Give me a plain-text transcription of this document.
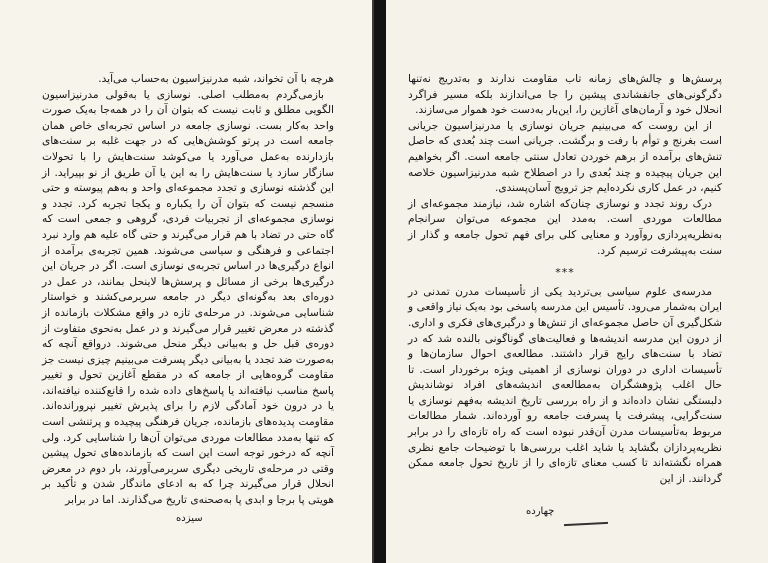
هرچه با آن تخواند، شبه مدرنیزاسیون به‌حساب می‌آید.

بازمی‌گردم به‌مطلب اصلی. نوسازی یا به‌قولی مدرنیزاسیون الگویی مطلق و ثابت نیست که بتوان آن را در همه‌جا به‌یک صورت واحد به‌کار بست. نوسازی جامعه در اساس تجربه‌ای خاص همان جامعه است در پرتو کوشش‌هایی که در جهت غلبه بر سنت‌های بازدارنده به‌عمل می‌آورد یا می‌کوشد سنت‌هایش را با تحولات سازگار سازد یا سنت‌هایش را به این یا آن طریق از نو بپیراید. از این گذشته نوسازی و تجدد مجموعه‌ای واحد و به‌هم پیوسته و حتی منسجم نیست که بتوان آن را یکباره و یکجا تجربه کرد. تجدد و نوسازی مجموعه‌ای از تجربیات فردی، گروهی و جمعی است که گاه حتی در تضاد با هم قرار می‌گیرند و حتی گاه علیه هم وارد نبرد اجتماعی و فرهنگی و سیاسی می‌شوند. همین تجربه‌ی برآمده از انواع درگیری‌ها در اساس تجربه‌ی نوسازی است. اگر در جریان این درگیری‌ها برخی از مسائل و پرسش‌ها لاینحل بمانند، در عمل در دوره‌ای بعد به‌گونه‌ای دیگر در جامعه سربرمی‌کشند و خواستار شناسایی می‌شوند. در مرحله‌ی تازه در واقع مشکلات بازمانده از گذشته در معرض تغییر قرار می‌گیرند و در عمل به‌نحوی متفاوت از دوره‌ی قبل حل و به‌بیانی دیگر منحل می‌شوند. درواقع آنچه که به‌صورت ضد تجدد یا به‌بیانی دیگر پسرفت می‌بینیم چیزی نیست جز مقاومت گروه‌هایی از جامعه که در مقطع آغازین تحول و تغییر پاسخ مناسب نیافته‌اند یا پاسخ‌های داده شده را قانع‌کننده نیافته‌اند، یا در درون خود آمادگی لازم را برای پذیرش تغییر نپرورانده‌اند. مقاومت پدیده‌های بازمانده، جریان فرهنگی پیچیده و پرتنشی است که تنها به‌مدد مطالعات موردی می‌توان آن‌ها را شناسایی کرد. ولی آنچه که درخور توجه است این است که بازمانده‌های تحول پیشین وقتی در مرحله‌ی تاریخی دیگری سربرمی‌آورند، بار دوم در معرض انحلال قرار می‌گیرند چرا که به ادعای ماندگار شدن و تأکید بر هویتی پا برجا و ابدی پا به‌صحنه‌ی تاریخ می‌گذارند. اما در برابر

سیزده

پرسش‌ها و چالش‌های زمانه تاب مقاومت ندارند و به‌تدریج نه‌تنها دگرگونی‌های جانفشاندی پیشین را جا می‌اندازند بلکه مسیر فراگرد انحلال خود و آرمان‌های آغازین را، این‌بار به‌دست خود هموار می‌سازند.

از این روست که می‌بینیم جریان نوسازی یا مدرنیزاسیون جریانی است بغرنج و توأم با رفت و برگشت. جریانی است چند بُعدی که حاصل تنش‌های برآمده از برهم خوردن تعادل سنتی جامعه است. اگر بخواهیم این جریان پیچیده و چند بُعدی را در اصطلاح شبه مدرنیزاسیون خلاصه کنیم، در عمل کاری نکرده‌ایم جز ترویج آسان‌پسندی.

درک روند تجدد و نوسازی چنان‌که اشاره شد، نیازمند مجموعه‌ای از مطالعات موردی است. به‌مدد این مجموعه می‌توان سرانجام به‌نظریه‌پردازی روآورد و معنایی کلی برای فهم تحول جامعه و گذار از سنت به‌پیشرفت ترسیم کرد.

***

مدرسه‌ی علوم سیاسی بی‌تردید یکی از تأسیسات مدرن تمدنی در ایران به‌شمار می‌رود. تأسیس این مدرسه پاسخی بود به‌یک نیاز واقعی و شکل‌گیری آن حاصل مجموعه‌ای از تنش‌ها و درگیری‌های فکری و اداری. از درون این مدرسه اندیشه‌ها و فعالیت‌های گوناگونی بالنده شد که در تضاد با سنت‌های رایج قرار داشتند. مطالعه‌ی احوال سازمان‌ها و تأسیسات اداری در دوران نوسازی از اهمیتی ویژه برخوردار است. تا حال اغلب پژوهشگران به‌مطالعه‌ی اندیشه‌های افراد نوشاندیش دلبستگی نشان داده‌اند و از راه بررسی تاریخ اندیشه به‌فهم نوسازی یا سنت‌گرایی، پیشرفت یا پسرفت جامعه رو آورده‌اند. شمار مطالعات مربوط به‌تأسیسات مدرن آن‌قدر نبوده است که راه تازه‌ای را در برابر نظریه‌پردازان بگشاید یا شاید اغلب بررسی‌ها با توضیحات جامع نظری همراه نگشته‌اند تا کسب معنای تازه‌ای را از تاریخ تحول جامعه ممکن گردانند. از این

چهارده
